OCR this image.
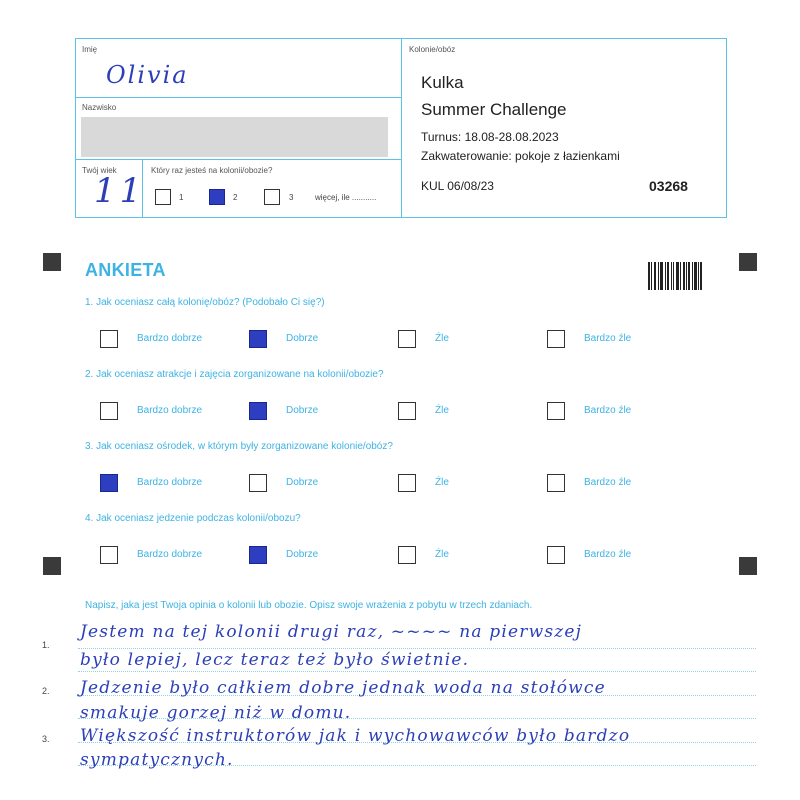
Imię
Olivia
Nazwisko
Twój wiek
11
Który raz jesteś na kolonii/obozie?
1	2	3	więcej, ile ...........
Kolonie/obóz
Kulka
Summer Challenge
Turnus: 18.08-28.08.2023
Zakwaterowanie: pokoje z łazienkami
KUL 06/08/23	03268
ANKIETA
1. Jak oceniasz całą kolonię/obóz? (Podobało Ci się?)
Bardzo dobrze	Dobrze	Źle	Bardzo źle
2. Jak oceniasz atrakcje i zajęcia zorganizowane na kolonii/obozie?
Bardzo dobrze	Dobrze	Źle	Bardzo źle
3. Jak oceniasz ośrodek, w którym były zorganizowane kolonie/obóz?
Bardzo dobrze	Dobrze	Źle	Bardzo źle
4. Jak oceniasz jedzenie podczas kolonii/obozu?
Bardzo dobrze	Dobrze	Źle	Bardzo źle
Napisz, jaka jest Twoja opinia o kolonii lub obozie. Opisz swoje wrażenia z pobytu w trzech zdaniach.
1.
2.
3.
Jestem na tej kolonii drugi raz, ~~~~ na pierwszej
było lepiej, lecz teraz też było świetnie.
Jedzenie było całkiem dobre jednak woda na stołówce
smakuje gorzej niż w domu.
Większość instruktorów jak i wychowawców było bardzo
sympatycznych.
